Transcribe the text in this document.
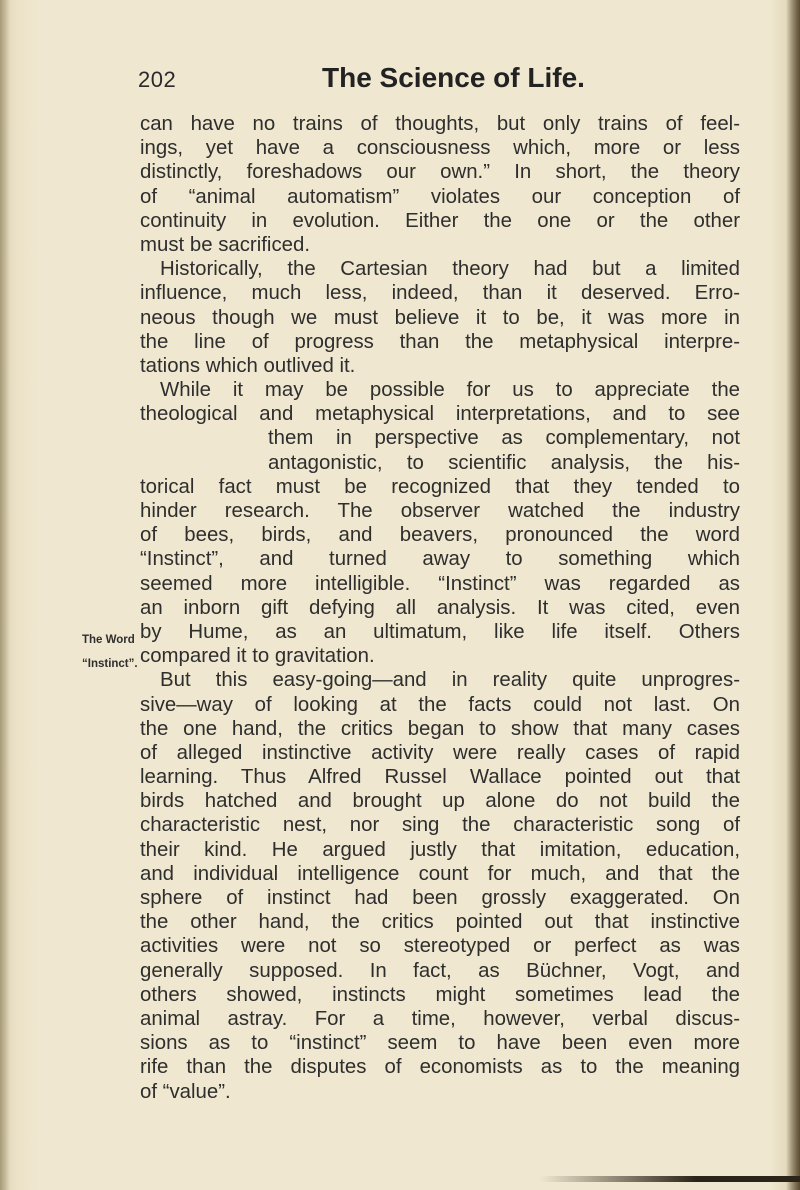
202	The Science of Life.
The Word
“Instinct”.
can have no trains of thoughts, but only trains of feel-
ings, yet have a consciousness which, more or less
distinctly, foreshadows our own.” In short, the theory
of “animal automatism” violates our conception of
continuity in evolution. Either the one or the other
must be sacrificed.
Historically, the Cartesian theory had but a limited
influence, much less, indeed, than it deserved. Erro-
neous though we must believe it to be, it was more in
the line of progress than the metaphysical interpre-
tations which outlived it.
While it may be possible for us to appreciate the
theological and metaphysical interpretations, and to see
them in perspective as complementary, not
antagonistic, to scientific analysis, the his-
torical fact must be recognized that they tended to
hinder research. The observer watched the industry
of bees, birds, and beavers, pronounced the word
“Instinct”, and turned away to something which
seemed more intelligible. “Instinct” was regarded as
an inborn gift defying all analysis. It was cited, even
by Hume, as an ultimatum, like life itself. Others
compared it to gravitation.
But this easy-going—and in reality quite unprogres-
sive—way of looking at the facts could not last. On
the one hand, the critics began to show that many cases
of alleged instinctive activity were really cases of rapid
learning. Thus Alfred Russel Wallace pointed out that
birds hatched and brought up alone do not build the
characteristic nest, nor sing the characteristic song of
their kind. He argued justly that imitation, education,
and individual intelligence count for much, and that the
sphere of instinct had been grossly exaggerated. On
the other hand, the critics pointed out that instinctive
activities were not so stereotyped or perfect as was
generally supposed. In fact, as Büchner, Vogt, and
others showed, instincts might sometimes lead the
animal astray. For a time, however, verbal discus-
sions as to “instinct” seem to have been even more
rife than the disputes of economists as to the meaning
of “value”.
